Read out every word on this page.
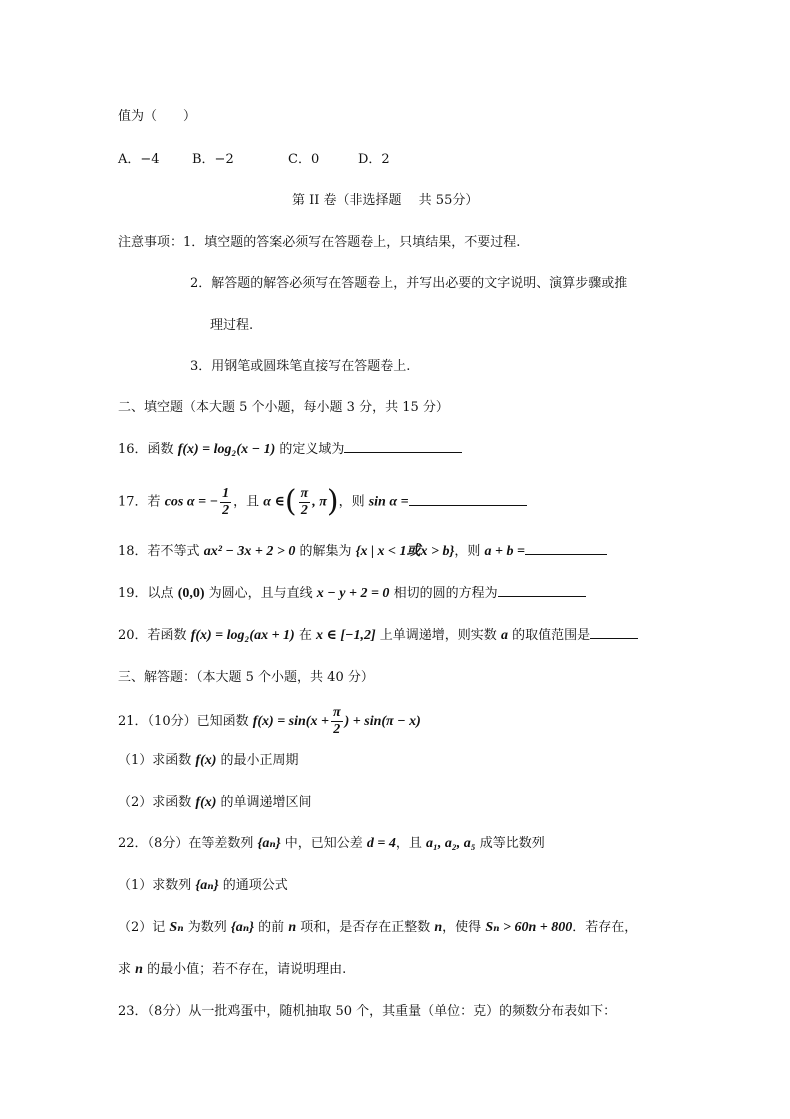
值为（　　）
A．−4 B．−2	C．0	D．2
第 II 卷（非选择题　 共 55分）
注意事项：1．填空题的答案必须写在答题卷上，只填结果，不要过程.
2．解答题的解答必须写在答题卷上，并写出必要的文字说明、演算步骤或推
理过程.
3．用钢笔或圆珠笔直接写在答题卷上.
二、填空题（本大题 5 个小题，每小题 3 分，共 15 分）
16．函数 f(x) = log₂(x − 1) 的定义域为
17．若 cos α = − $\frac{1}{2}$ ，且 α ∈( $\frac{\pi}{2}$ , π)，则 sin α =
18．若不等式 ax² − 3x + 2 > 0 的解集为 {x | x < 1或x > b}，则 a + b =
19．以点 (0,0) 为圆心，且与直线 x − y + 2 = 0 相切的圆的方程为
20．若函数 f(x) = log₂(ax + 1) 在 x ∈ [−1,2] 上单调递增，则实数 a 的取值范围是
三、解答题：（本大题 5 个小题，共 40 分）
21．（10分）已知函数 $f(x) = \sin(x + \frac{\pi}{2}$ ) + sin(π − x)
（1）求函数 f(x) 的最小正周期
（2）求函数 f(x) 的单调递增区间
22．（8分）在等差数列 {aₙ} 中，已知公差 d = 4，且 a₁, a₂, a₅ 成等比数列
（1）求数列 {aₙ} 的通项公式
（2）记 Sₙ 为数列 {aₙ} 的前 n 项和，是否存在正整数 n，使得 Sₙ > 60n + 800．若存在，
求 n 的最小值；若不存在，请说明理由.
23．（8分）从一批鸡蛋中，随机抽取 50 个，其重量（单位：克）的频数分布表如下：
